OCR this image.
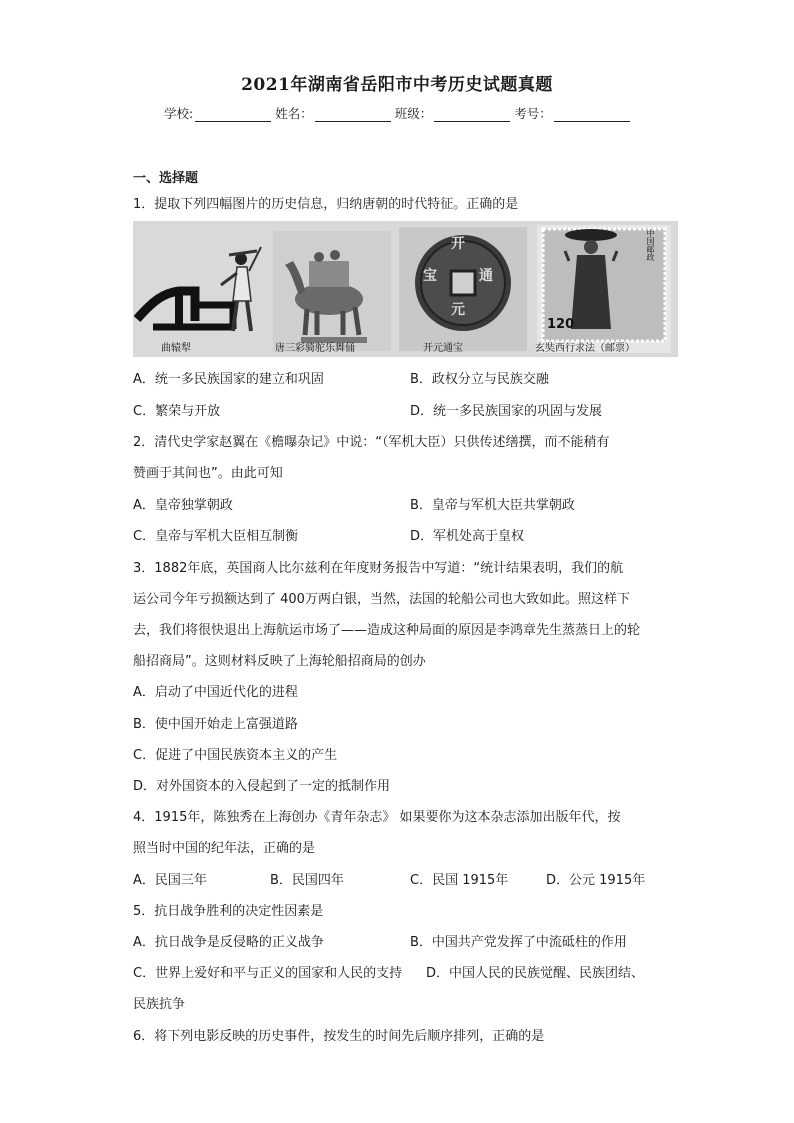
2021年湖南省岳阳市中考历史试题真题
学校:	姓名：	班级：	考号：
一、选择题
1．提取下列四幅图片的历史信息，归纳唐朝的时代特征。正确的是
曲辕犁	唐三彩骑驼乐舞俑	开元通宝	玄奘西行求法（邮票）
开
元
通
宝
120
中国邮政
A．统一多民族国家的建立和巩固	B．政权分立与民族交融
C．繁荣与开放	D．统一多民族国家的巩固与发展
2．清代史学家赵翼在《檐曝杂记》中说：“（军机大臣）只供传述缮撰，而不能稍有
赞画于其间也”。由此可知
A．皇帝独掌朝政	B．皇帝与军机大臣共掌朝政
C．皇帝与军机大臣相互制衡	D．军机处高于皇权
3．1882年底，英国商人比尔兹利在年度财务报告中写道：“统计结果表明，我们的航
运公司今年亏损额达到了 400万两白银，当然，法国的轮船公司也大致如此。照这样下
去，我们将很快退出上海航运市场了——造成这种局面的原因是李鸿章先生蒸蒸日上的轮
船招商局”。这则材料反映了上海轮船招商局的创办
A．启动了中国近代化的进程
B．使中国开始走上富强道路
C．促进了中国民族资本主义的产生
D．对外国资本的入侵起到了一定的抵制作用
4．1915年，陈独秀在上海创办《青年杂志》 如果要你为这本杂志添加出版年代，按
照当时中国的纪年法，正确的是
A．民国三年	B．民国四年	C．民国 1915年	D．公元 1915年
5．抗日战争胜利的决定性因素是
A．抗日战争是反侵略的正义战争	B．中国共产党发挥了中流砥柱的作用
C．世界上爱好和平与正义的国家和人民的支持 D．中国人民的民族觉醒、民族团结、
民族抗争
6．将下列电影反映的历史事件，按发生的时间先后顺序排列，正确的是
